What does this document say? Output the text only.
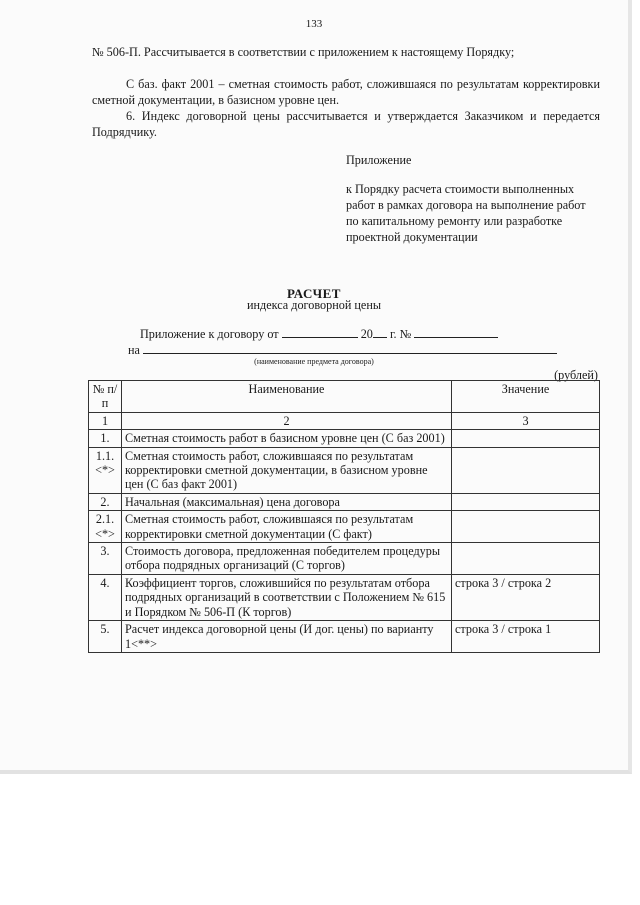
133

№ 506-П. Рассчитывается в соответствии с приложением к настоящему Порядку;

С баз. факт 2001 – сметная стоимость работ, сложившаяся по результатам корректировки сметной документации, в базисном уровне цен.

6. Индекс договорной цены рассчитывается и утверждается Заказчиком и передается Подрядчику.

Приложение

к Порядку расчета стоимости выполненных работ в рамках договора на выполнение работ по капитальному ремонту или разработке проектной документации

РАСЧЕТ

индекса договорной цены

Приложение к договору от	20 г. №
на
(наименование предмета договора)
(рублей)
№ п/п	Наименование	Значение
1	2	3
1.	Сметная стоимость работ в базисном уровне цен (С баз 2001)	
1.1. <*>	Сметная стоимость работ, сложившаяся по результатам корректировки сметной документации, в базисном уровне цен (С баз факт 2001)	
2.	Начальная (максимальная) цена договора	
2.1. <*>	Сметная стоимость работ, сложившаяся по результатам корректировки сметной документации (С факт)	
3.	Стоимость договора, предложенная победителем процедуры отбора подрядных организаций (С торгов)	
4.	Коэффициент торгов, сложившийся по результатам отбора подрядных организаций в соответствии с Положением № 615 и Порядком № 506-П (К торгов)	строка 3 / строка 2
5.	Расчет индекса договорной цены (И дог. цены) по варианту 1<**>	строка 3 / строка 1
